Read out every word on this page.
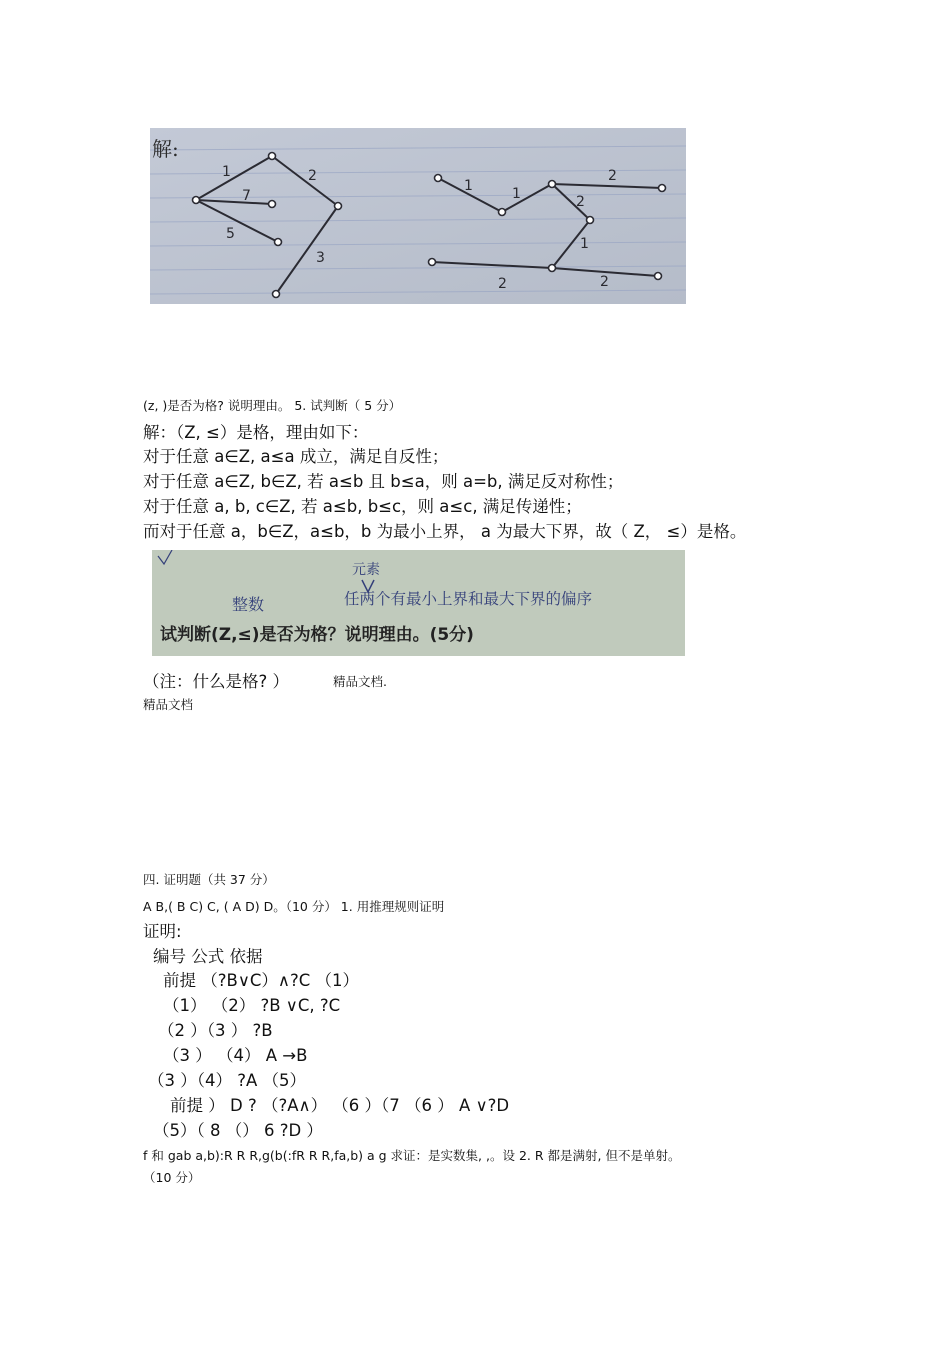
解:
1
7
5
2
3
1	1
2
2
1
2	2
(z, )是否为格? 说明理由。 5. 试判断（ 5 分）
解：（Z, ≤）是格，理由如下：
对于任意 a∈Z, a≤a 成立，满足自反性；
对于任意 a∈Z, b∈Z, 若 a≤b 且 b≤a，则 a=b, 满足反对称性；
对于任意 a, b, c∈Z, 若 a≤b, b≤c，则 a≤c, 满足传递性；
而对于任意 a，b∈Z，a≤b，b 为最小上界， a 为最大下界，故（ Z， ≤）是格。
元素
整数	任两个有最小上界和最大下界的偏序
试判断(Z,≤)是否为格？说明理由。(5分)
（注：什么是格? ）	精品文档.
精品文档
四. 证明题（共 37 分）
A B,( B C) C, ( A D) D。（10 分） 1. 用推理规则证明
证明:
编号 公式 依据
前提 （?B∨C）∧?C （1）
（1） （2） ?B ∨C, ?C
（2 ）（3 ） ?B
（3 ） （4） A →B
（3 ）（4） ?A （5）
前提 ） D ? （?A∧） （6 ）（7 （6 ） A ∨?D
（5）（ 8 （） 6 ?D ）
f 和 gab a,b):R R R,g(b(:fR R R,fa,b) a g 求证：是实数集, ,。设 2. R 都是满射, 但不是单射。
（10 分）
